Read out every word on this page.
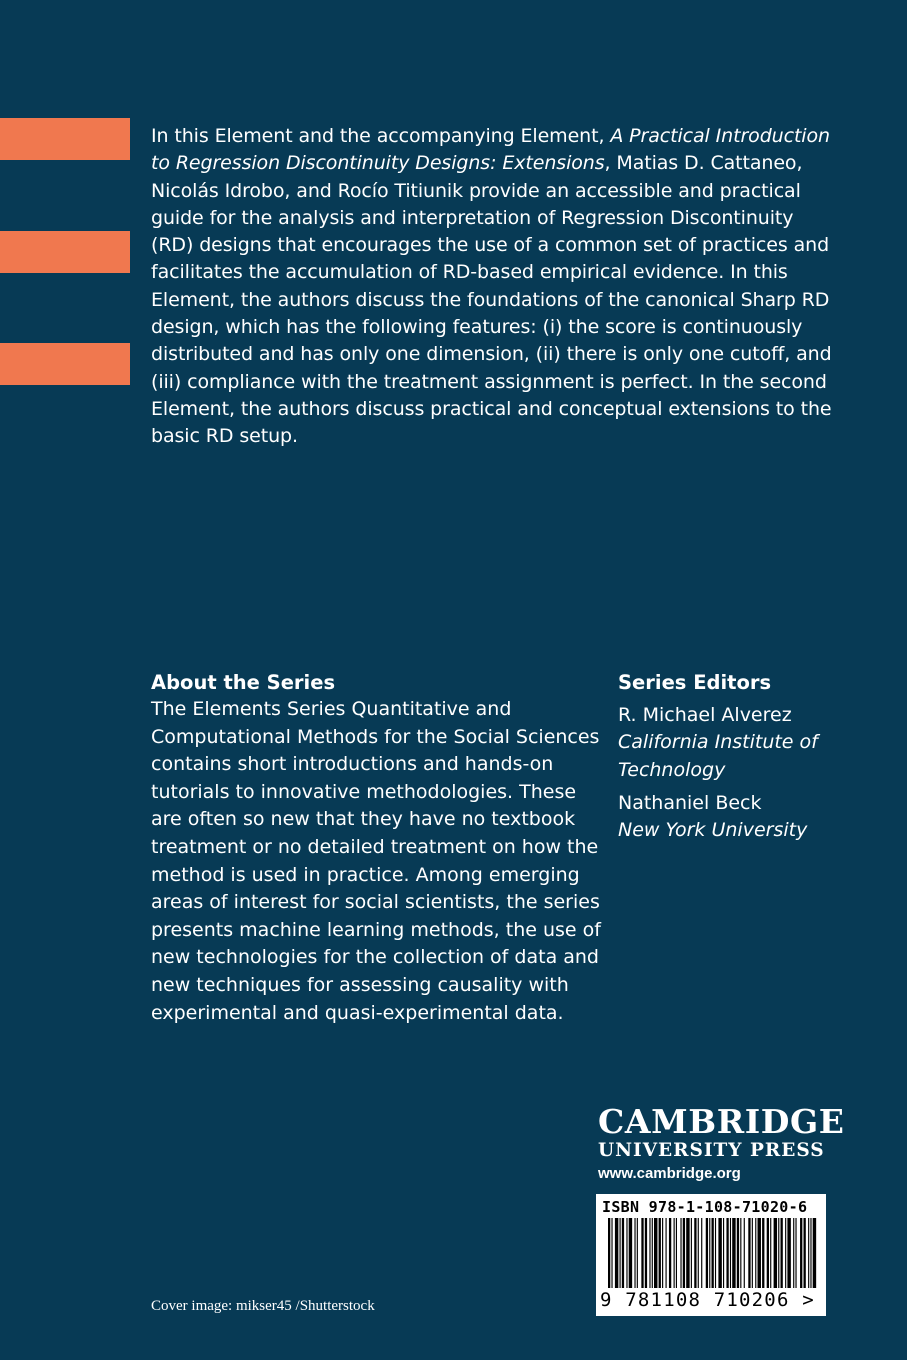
In this Element and the accompanying Element, A Practical Introduction to Regression Discontinuity Designs: Extensions, Matias D. Cattaneo, Nicolás Idrobo, and Rocío Titiunik provide an accessible and practical guide for the analysis and interpretation of Regression Discontinuity (RD) designs that encourages the use of a common set of practices and facilitates the accumulation of RD-based empirical evidence. In this Element, the authors discuss the foundations of the canonical Sharp RD design, which has the following features: (i) the score is continuously distributed and has only one dimension, (ii) there is only one cutoff, and (iii) compliance with the treatment assignment is perfect. In the second Element, the authors discuss practical and conceptual extensions to the basic RD setup.

About the Series

The Elements Series Quantitative and Computational Methods for the Social Sciences contains short introductions and hands-on tutorials to innovative methodologies. These are often so new that they have no textbook treatment or no detailed treatment on how the method is used in practice. Among emerging areas of interest for social scientists, the series presents machine learning methods, the use of new technologies for the collection of data and new techniques for assessing causality with experimental and quasi-experimental data.

Series Editors
R. Michael Alverez
California Institute of Technology
Nathaniel Beck
New York University
CAMBRIDGE
UNIVERSITY PRESS
www.cambridge.org
ISBN 978-1-108-71020-6
9 781108 710206 >
Cover image: mikser45 /Shutterstock
